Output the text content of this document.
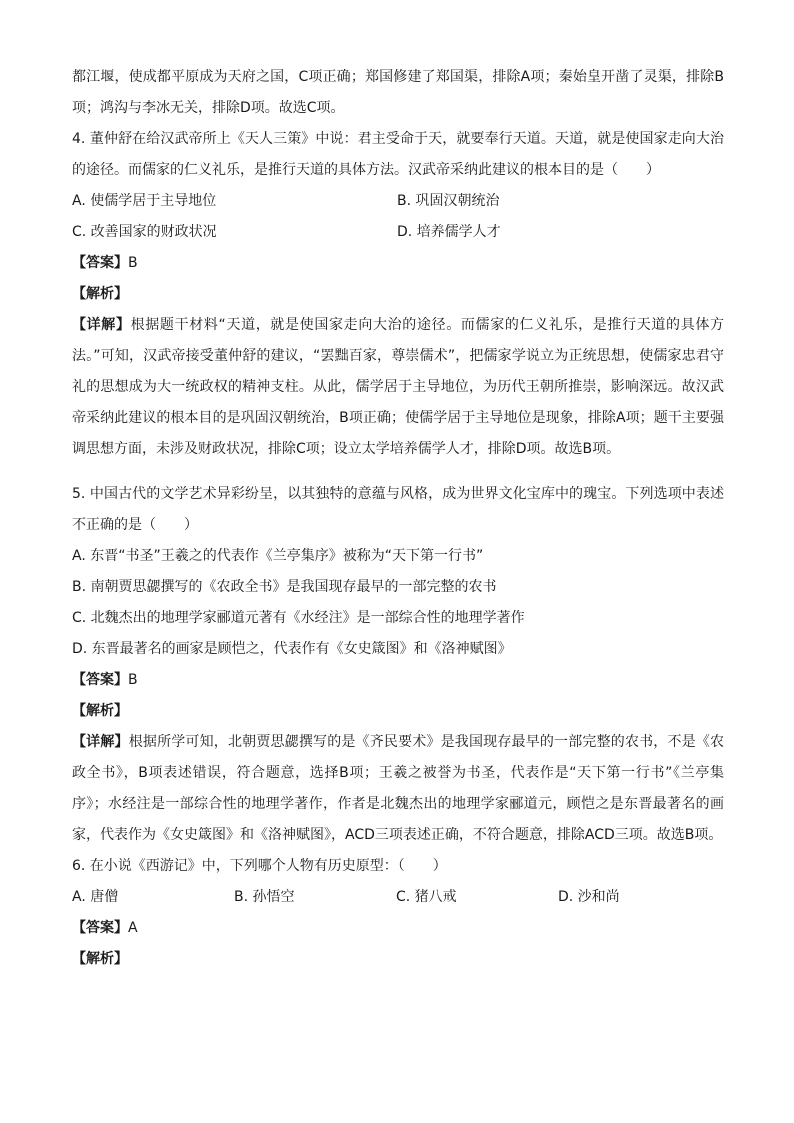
都江堰，使成都平原成为天府之国，C项正确；郑国修建了郑国渠，排除A项；秦始皇开凿了灵渠，排除B项；鸿沟与李冰无关，排除D项。故选C项。

4. 董仲舒在给汉武帝所上《天人三策》中说：君主受命于天，就要奉行天道。天道，就是使国家走向大治的途径。而儒家的仁义礼乐，是推行天道的具体方法。汉武帝采纳此建议的根本目的是（　　）

A. 使儒学居于主导地位	B. 巩固汉朝统治
C. 改善国家的财政状况	D. 培养儒学人才

【答案】B

【解析】

【详解】根据题干材料“天道，就是使国家走向大治的途径。而儒家的仁义礼乐，是推行天道的具体方法。”可知，汉武帝接受董仲舒的建议，“罢黜百家，尊崇儒术”，把儒家学说立为正统思想，使儒家忠君守礼的思想成为大一统政权的精神支柱。从此，儒学居于主导地位，为历代王朝所推崇，影响深远。故汉武帝采纳此建议的根本目的是巩固汉朝统治，B项正确；使儒学居于主导地位是现象，排除A项；题干主要强调思想方面，未涉及财政状况，排除C项；设立太学培养儒学人才，排除D项。故选B项。

5. 中国古代的文学艺术异彩纷呈，以其独特的意蕴与风格，成为世界文化宝库中的瑰宝。下列选项中表述不正确的是（　　）

A. 东晋“书圣”王羲之的代表作《兰亭集序》被称为“天下第一行书”

B. 南朝贾思勰撰写的《农政全书》是我国现存最早的一部完整的农书

C. 北魏杰出的地理学家郦道元著有《水经注》是一部综合性的地理学著作

D. 东晋最著名的画家是顾恺之，代表作有《女史箴图》和《洛神赋图》

【答案】B

【解析】

【详解】根据所学可知，北朝贾思勰撰写的是《齐民要术》是我国现存最早的一部完整的农书，不是《农政全书》，B项表述错误，符合题意，选择B项；王羲之被誉为书圣，代表作是“天下第一行书”《兰亭集序》；水经注是一部综合性的地理学著作，作者是北魏杰出的地理学家郦道元，顾恺之是东晋最著名的画家，代表作为《女史箴图》和《洛神赋图》，ACD三项表述正确，不符合题意，排除ACD三项。故选B项。

6. 在小说《西游记》中，下列哪个人物有历史原型：（　　）

A. 唐僧	B. 孙悟空	C. 猪八戒	D. 沙和尚

【答案】A

【解析】
